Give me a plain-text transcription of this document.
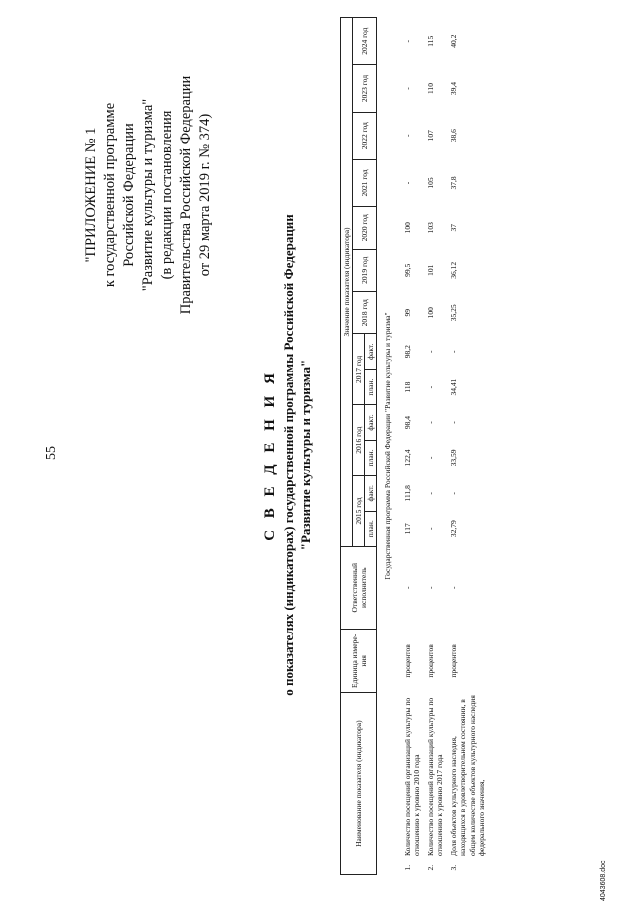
55
"ПРИЛОЖЕНИЕ № 1 к государственной программе Российской Федерации "Развитие культуры и туризма" (в редакции постановления Правительства Российской Федерации от 29 марта 2019 г. № 374)
С В Е Д Е Н И Я о показателях (индикаторах) государственной программы Российской Федерации "Развитие культуры и туризма"
Наименование показателя (индикатора)		Единица измере-ния	Ответственный исполнитель	Значение показателя (индикатора)												
				2015 год		2016 год		2017 год		2018 год	2019 год	2020 год	2021 год	2022 год	2023 год	2024 год
				план.	факт.	план.	факт.	план.	факт.							
Государственная программа Российской Федерации "Развитие культуры и туризма"																
1.	Количество посещений организаций культуры по отношению к уровню 2010 года	процентов	-	117	111,8	122,4	98,4	118	98,2	99	99,5	100	-	-	-	-
2.	Количество посещений организаций культуры по отношению к уровню 2017 года	процентов	-	-	-	-	-	-	-	100	101	103	105	107	110	115
3.	Доля объектов культурного наследия, находящихся в удовлетворительном состоянии, в общем количестве объектов культурного наследия федерального значения,	процентов	-	32,79	-	33,59	-	34,41	-	35,25	36,12	37	37,8	38,6	39,4	40,2
4043608.doc
